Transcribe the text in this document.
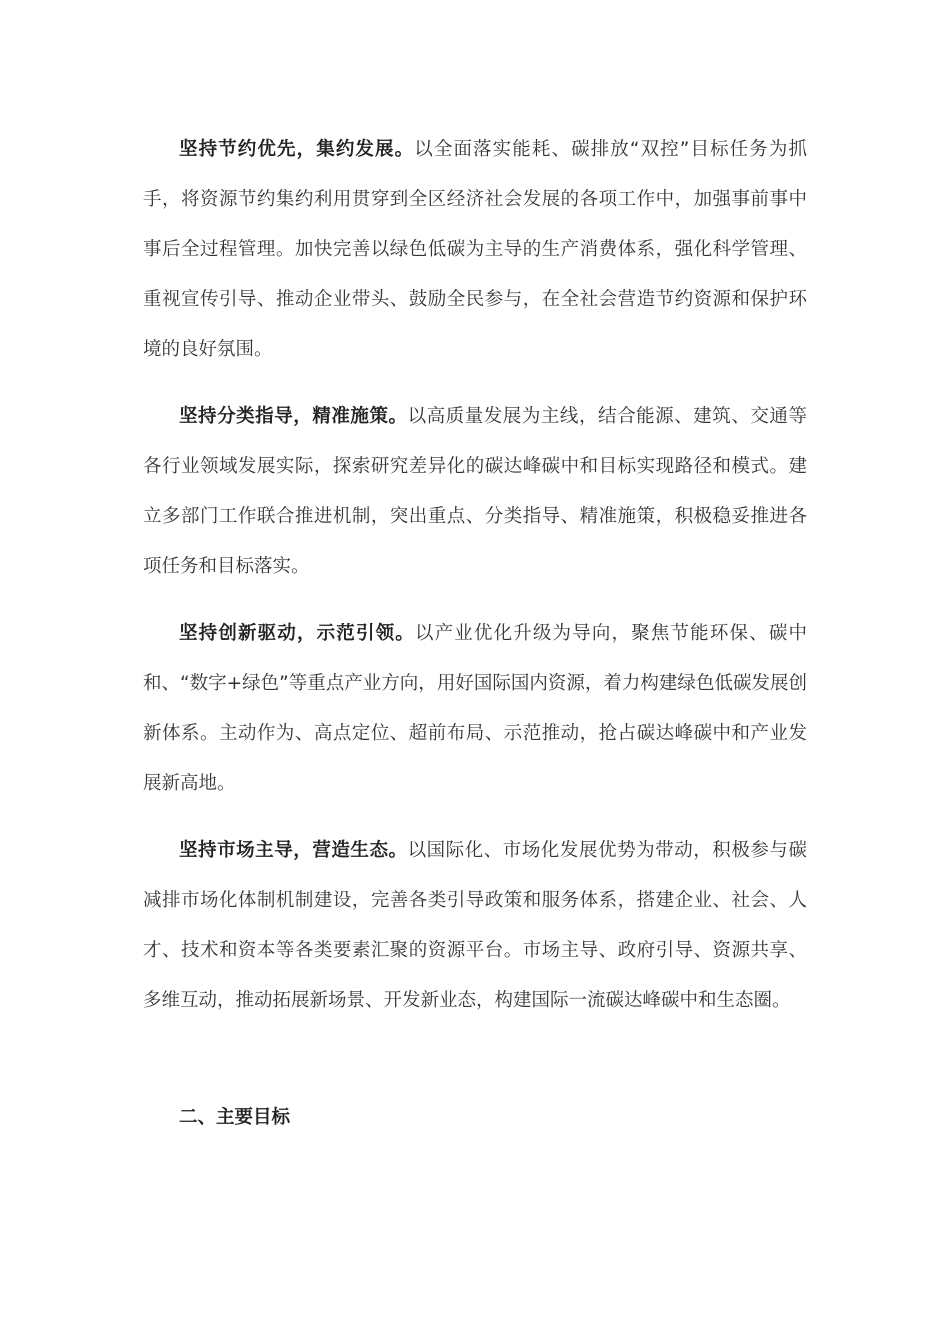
坚持节约优先，集约发展。以全面落实能耗、碳排放“双控”目标任务为抓手，将资源节约集约利用贯穿到全区经济社会发展的各项工作中，加强事前事中事后全过程管理。加快完善以绿色低碳为主导的生产消费体系，强化科学管理、重视宣传引导、推动企业带头、鼓励全民参与，在全社会营造节约资源和保护环境的良好氛围。

坚持分类指导，精准施策。以高质量发展为主线，结合能源、建筑、交通等各行业领域发展实际，探索研究差异化的碳达峰碳中和目标实现路径和模式。建立多部门工作联合推进机制，突出重点、分类指导、精准施策，积极稳妥推进各项任务和目标落实。

坚持创新驱动，示范引领。以产业优化升级为导向，聚焦节能环保、碳中和、“数字+绿色”等重点产业方向，用好国际国内资源，着力构建绿色低碳发展创新体系。主动作为、高点定位、超前布局、示范推动，抢占碳达峰碳中和产业发展新高地。

坚持市场主导，营造生态。以国际化、市场化发展优势为带动，积极参与碳减排市场化体制机制建设，完善各类引导政策和服务体系，搭建企业、社会、人才、技术和资本等各类要素汇聚的资源平台。市场主导、政府引导、资源共享、多维互动，推动拓展新场景、开发新业态，构建国际一流碳达峰碳中和生态圈。

二、主要目标
